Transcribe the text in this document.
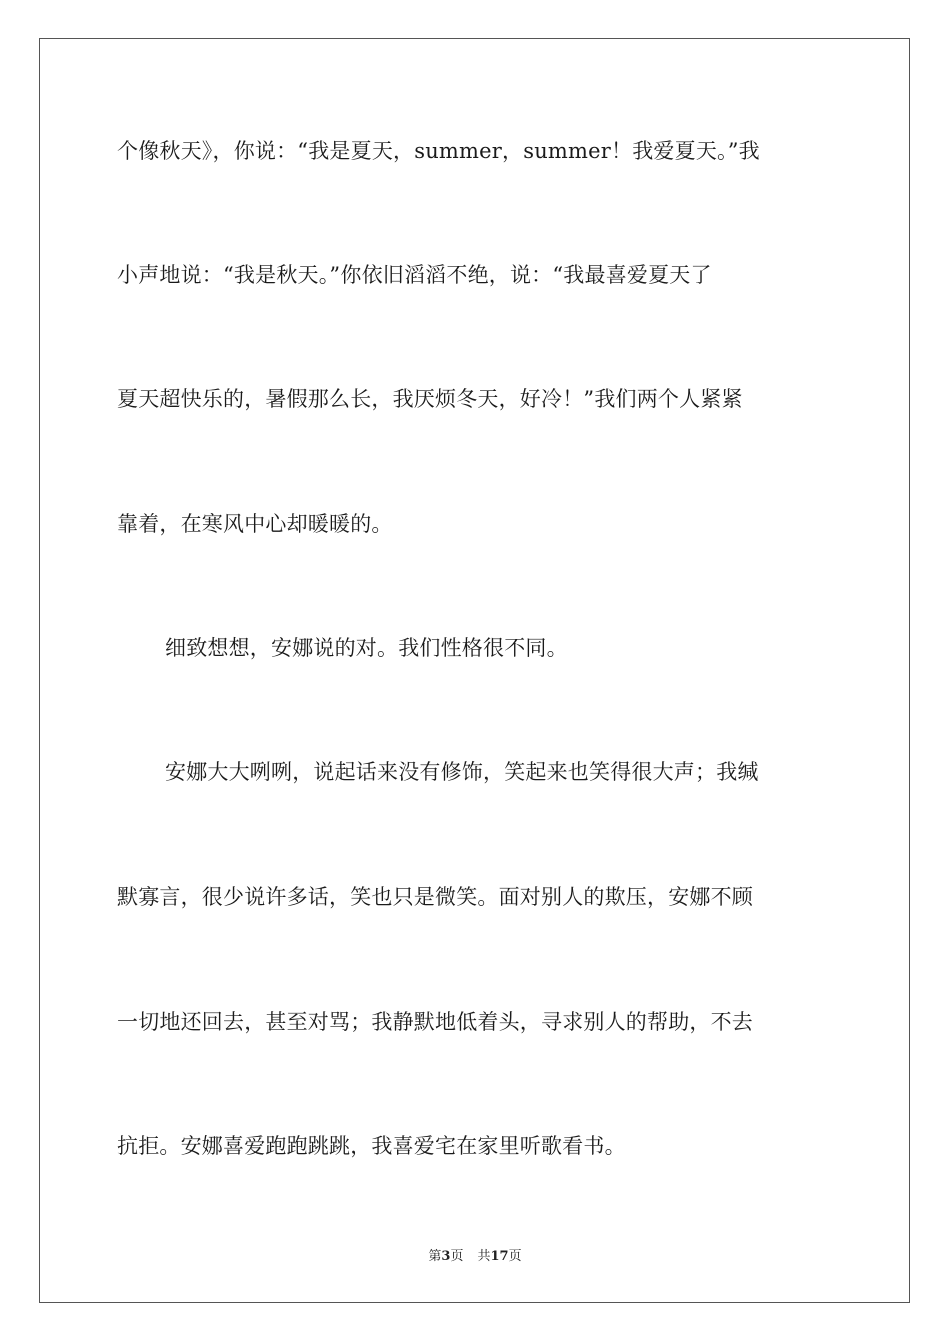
个像秋天》，你说：“我是夏天，summer，summer！我爱夏天。”我
小声地说：“我是秋天。”你依旧滔滔不绝，说：“我最喜爱夏天了
夏天超快乐的，暑假那么长，我厌烦冬天，好冷！”我们两个人紧紧
靠着，在寒风中心却暖暖的。
细致想想，安娜说的对。我们性格很不同。
安娜大大咧咧，说起话来没有修饰，笑起来也笑得很大声；我缄
默寡言，很少说许多话，笑也只是微笑。面对别人的欺压，安娜不顾
一切地还回去，甚至对骂；我静默地低着头，寻求别人的帮助，不去
抗拒。安娜喜爱跑跑跳跳，我喜爱宅在家里听歌看书。
第3页 共17页
